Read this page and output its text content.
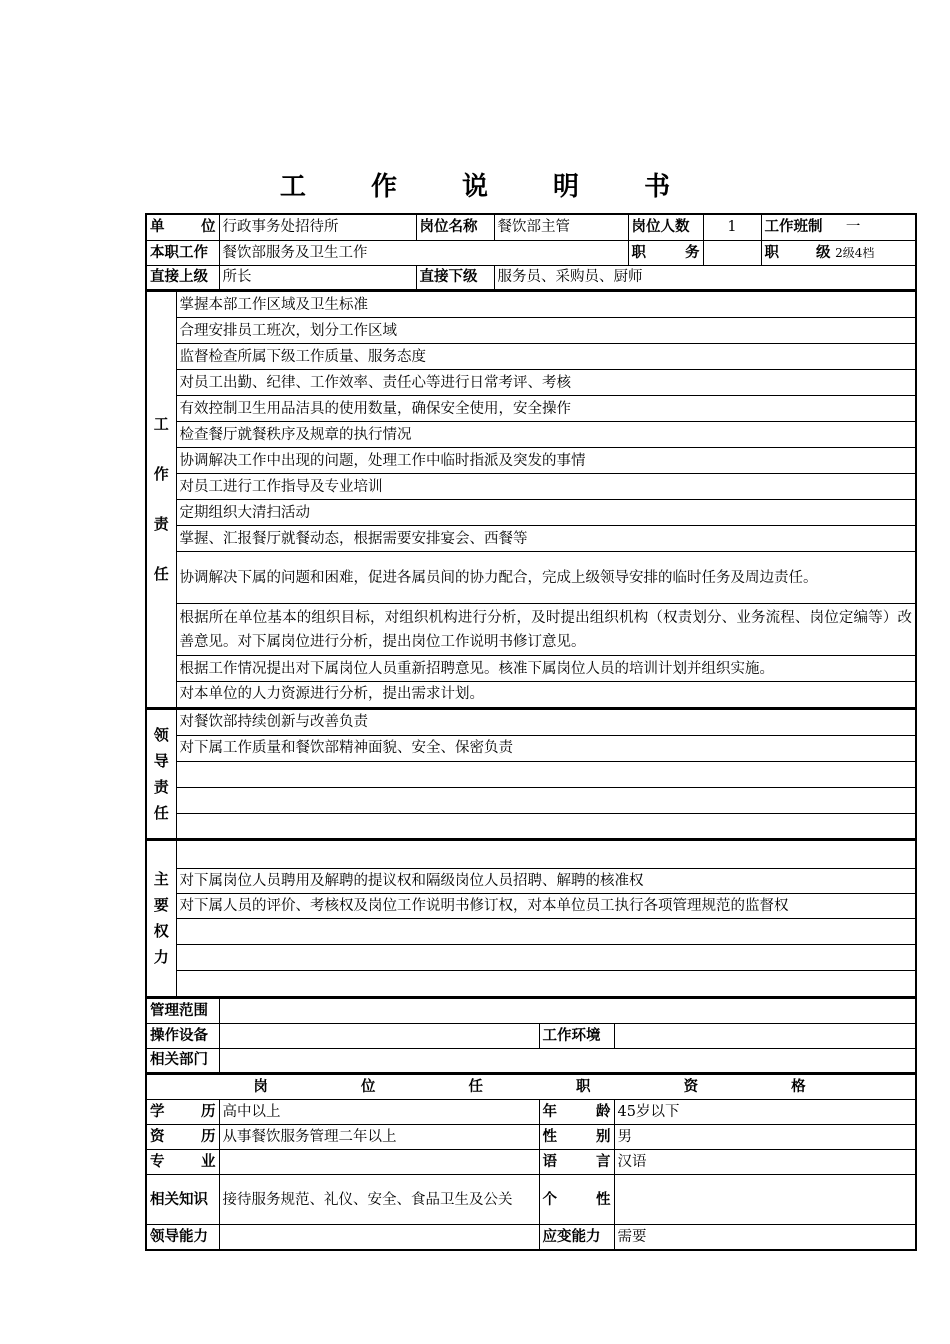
工 作 说 明 书
单 位	行政事务处招待所	岗位名称	餐饮部主管	岗位人数	1	工作班制 一
本职工作	餐饮部服务及卫生工作			职 务		职 级 2级4档
直接上级	所长	直接下级	服务员、采购员、厨师			
工
作
责
任
	掌握本部工作区域及卫生标准
合理安排员工班次，划分工作区域
监督检查所属下级工作质量、服务态度
对员工出勤、纪律、工作效率、责任心等进行日常考评、考核
有效控制卫生用品洁具的使用数量，确保安全使用，安全操作
检查餐厅就餐秩序及规章的执行情况
协调解决工作中出现的问题，处理工作中临时指派及突发的事情
对员工进行工作指导及专业培训
定期组织大清扫活动
掌握、汇报餐厅就餐动态，根据需要安排宴会、西餐等
协调解决下属的问题和困难，促进各属员间的协力配合，完成上级领导安排的临时任务及周边责任。
根据所在单位基本的组织目标，对组织机构进行分析，及时提出组织机构（权责划分、业务流程、岗位定编等）改善意见。对下属岗位进行分析，提出岗位工作说明书修订意见。
根据工作情况提出对下属岗位人员重新招聘意见。核准下属岗位人员的培训计划并组织实施。
对本单位的人力资源进行分析，提出需求计划。
领
导
责
任
	对餐饮部持续创新与改善负责
对下属工作质量和餐饮部精神面貌、安全、保密负责

主
要
权
力

对下属岗位人员聘用及解聘的提议权和隔级岗位人员招聘、解聘的核准权
对下属人员的评价、考核权及岗位工作说明书修订权，对本单位员工执行各项管理规范的监督权

管理范围			
操作设备		工作环境	
相关部门			
岗 位 任 职 资 格			
学 历	高中以上	年 龄	45岁以下
资 历	从事餐饮服务管理二年以上	性 别	男
专 业		语 言	汉语
相关知识	接待服务规范、礼仪、安全、食品卫生及公关	个 性	
领导能力		应变能力	需要
